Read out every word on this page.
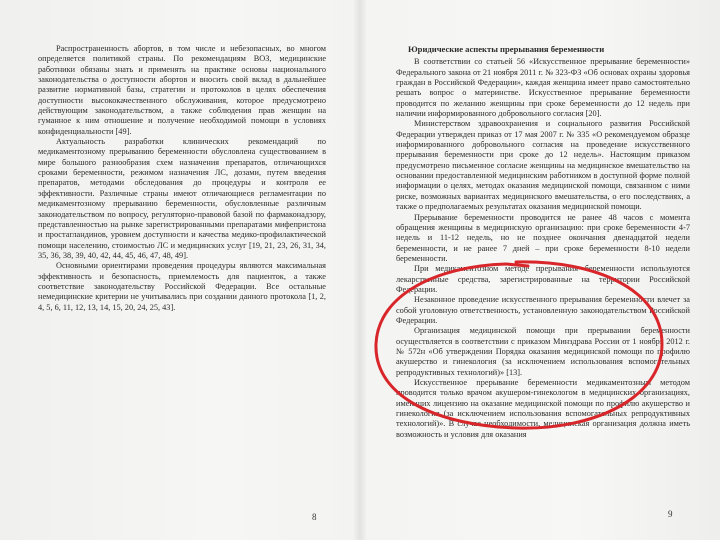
Распространенность абортов, в том числе и небезопасных, во многом определяется политикой страны. По рекомендациям ВОЗ, медицинские работники обязаны знать и применять на практике основы национального законодательства о доступности абортов и вносить свой вклад в дальнейшее развитие нормативной базы, стратегии и протоколов в целях обеспечения доступности высококачественного обслуживания, которое предусмотрено действующим законодательством, а также соблюдения прав женщин на гуманное к ним отношение и получение необходимой помощи в условиях конфиденциальности [49].

Актуальность разработки клинических рекомендаций по медикаментозному прерыванию беременности обусловлена существованием в мире большого разнообразия схем назначения препаратов, отличающихся сроками беременности, режимом назначения ЛС, дозами, путем введения препаратов, методами обследования до процедуры и контроля ее эффективности. Различные страны имеют отличающиеся регламентации по медикаментозному прерыванию беременности, обусловленные различным законодательством по вопросу, регуляторно-правовой базой по фармаконадзору, представленностью на рынке зарегистрированными препаратами мифепристона и простагландинов, уровнем доступности и качества медико-профилактической помощи населению, стоимостью ЛС и медицинских услуг [19, 21, 23, 26, 31, 34, 35, 36, 38, 39, 40, 42, 44, 45, 46, 47, 48, 49].

Основными ориентирами проведения процедуры являются максимальная эффективность и безопасность, приемлемость для пациенток, а также соответствие законодательству Российской Федерации. Все остальные немедицинские критерии не учитывались при создании данного протокола [1, 2, 4, 5, 6, 11, 12, 13, 14, 15, 20, 24, 25, 43].

8

Юридические аспекты прерывания беременности

В соответствии со статьей 56 «Искусственное прерывание беременности» Федерального закона от 21 ноября 2011 г. № 323-ФЗ «Об основах охраны здоровья граждан в Российской Федерации», каждая женщина имеет право самостоятельно решать вопрос о материнстве. Искусственное прерывание беременности проводится по желанию женщины при сроке беременности до 12 недель при наличии информированного добровольного согласия [20].

Министерством здравоохранения и социального развития Российской Федерации утвержден приказ от 17 мая 2007 г. № 335 «О рекомендуемом образце информированного добровольного согласия на проведение искусственного прерывания беременности при сроке до 12 недель». Настоящим приказом предусмотрено письменное согласие женщины на медицинское вмешательство на основании предоставленной медицинским работником в доступной форме полной информации о целях, методах оказания медицинской помощи, связанном с ними риске, возможных вариантах медицинского вмешательства, о его последствиях, а также о предполагаемых результатах оказания медицинской помощи.

Прерывание беременности проводится не ранее 48 часов с момента обращения женщины в медицинскую организацию: при сроке беременности 4-7 недель и 11-12 недель, но не позднее окончания двенадцатой недели беременности, и не ранее 7 дней – при сроке беременности 8-10 недели беременности.

При медикаментозном методе прерывания беременности используются лекарственные средства, зарегистрированные на территории Российской Федерации.

Незаконное проведение искусственного прерывания беременности влечет за собой уголовную ответственность, установленную законодательством Российской Федерации.

Организация медицинской помощи при прерывании беременности осуществляется в соответствии с приказом Минздрава России от 1 ноября 2012 г. № 572н «Об утверждении Порядка оказания медицинской помощи по профилю акушерство и гинекология (за исключением использования вспомогательных репродуктивных технологий)» [13].

Искусственное прерывание беременности медикаментозным методом проводится только врачом акушером-гинекологом в медицинских организациях, имеющих лицензию на оказание медицинской помощи по профилю акушерство и гинекология (за исключением использования вспомогательных репродуктивных технологий)». В случае необходимости, медицинская организация должна иметь возможность и условия для оказания

9
